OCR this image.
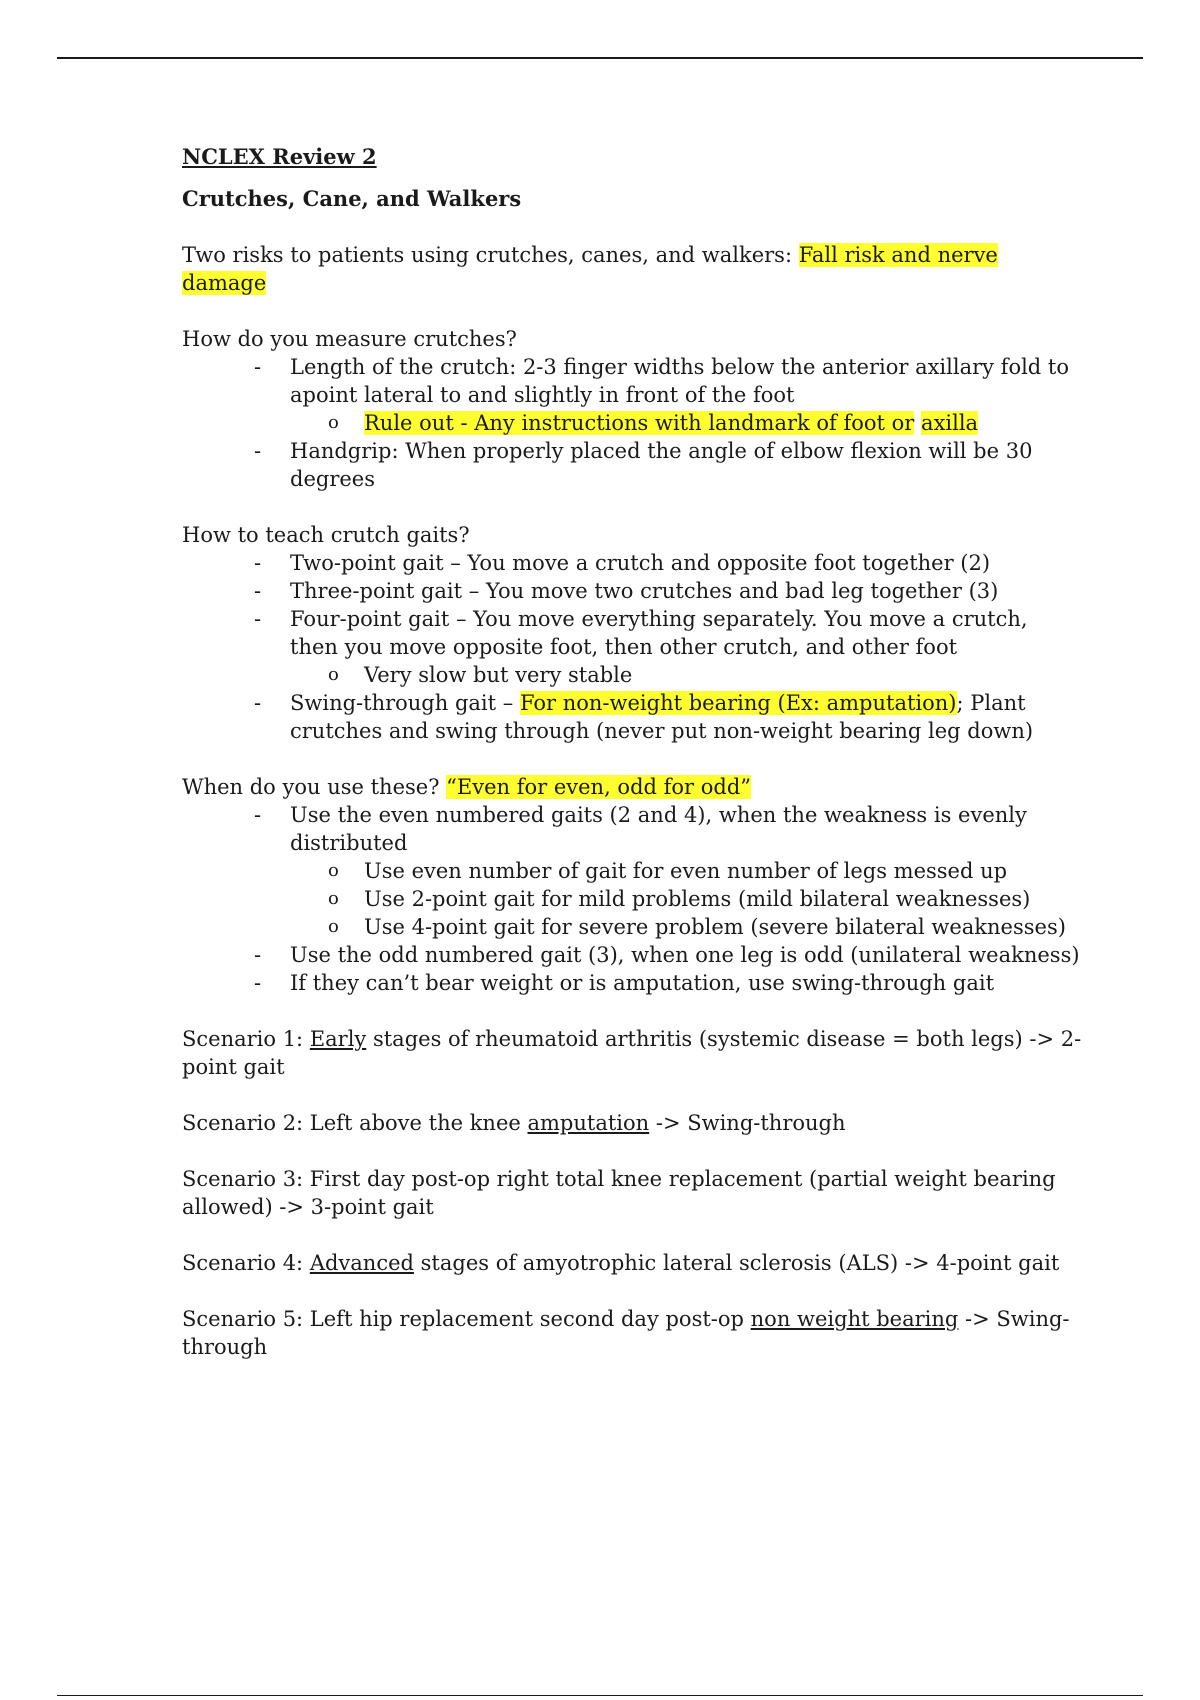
NCLEX Review 2

Crutches, Cane, and Walkers

Two risks to patients using crutches, canes, and walkers: Fall risk and nerve damage

How do you measure crutches?

- Length of the crutch: 2-3 finger widths below the anterior axillary fold to apoint lateral to and slightly in front of the foot
o Rule out - Any instructions with landmark of foot or axilla
- Handgrip: When properly placed the angle of elbow flexion will be 30 degrees

How to teach crutch gaits?

- Two-point gait – You move a crutch and opposite foot together (2)
- Three-point gait – You move two crutches and bad leg together (3)
- Four-point gait – You move everything separately. You move a crutch, then you move opposite foot, then other crutch, and other foot
o Very slow but very stable
- Swing-through gait – For non-weight bearing (Ex: amputation); Plant crutches and swing through (never put non-weight bearing leg down)

When do you use these? “Even for even, odd for odd”

- Use the even numbered gaits (2 and 4), when the weakness is evenly distributed
o Use even number of gait for even number of legs messed up
o Use 2-point gait for mild problems (mild bilateral weaknesses)
o Use 4-point gait for severe problem (severe bilateral weaknesses)
- Use the odd numbered gait (3), when one leg is odd (unilateral weakness)
- If they can’t bear weight or is amputation, use swing-through gait

Scenario 1: Early stages of rheumatoid arthritis (systemic disease = both legs) -> 2-point gait

Scenario 2: Left above the knee amputation -> Swing-through

Scenario 3: First day post-op right total knee replacement (partial weight bearing allowed) -> 3-point gait

Scenario 4: Advanced stages of amyotrophic lateral sclerosis (ALS) -> 4-point gait

Scenario 5: Left hip replacement second day post-op non weight bearing -> Swing-through
